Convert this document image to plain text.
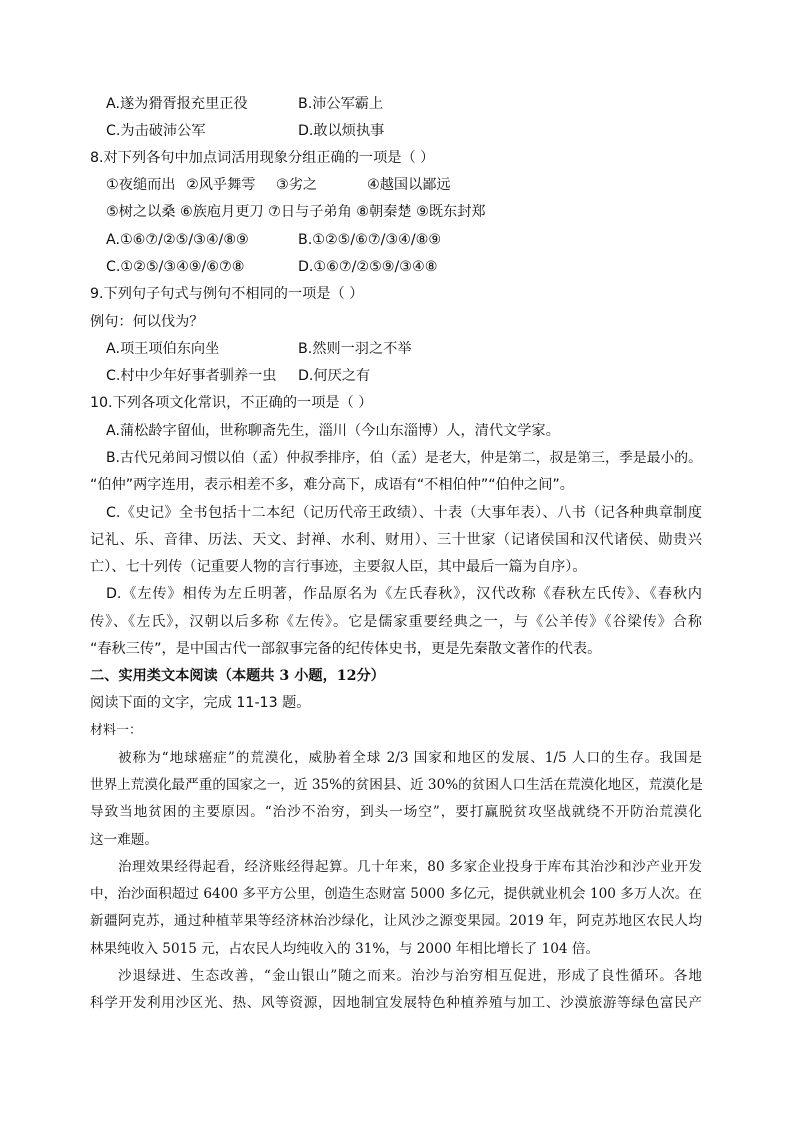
A.遂为猾胥报充里正役	B.沛公军霸上
C.为击破沛公军	D.敢以烦执事
8.对下列各句中加点词活用现象分组正确的一项是（ ）
①夜缒而出 ②风乎舞雩 ③劣之	④越国以鄙远
⑤树之以桑 ⑥族庖月更刀 ⑦日与子弟角 ⑧朝秦楚 ⑨既东封郑
A.①⑥⑦/②⑤/③④/⑧⑨	B.①②⑤/⑥⑦/③④/⑧⑨
C.①②⑤/③④⑨/⑥⑦⑧	D.①⑥⑦/②⑤⑨/③④⑧
9.下列句子句式与例句不相同的一项是（ ）
例句：何以伐为？
A.项王项伯东向坐	B.然则一羽之不举
C.村中少年好事者驯养一虫 D.何厌之有
10.下列各项文化常识，不正确的一项是（ ）
A.蒲松龄字留仙，世称聊斋先生，淄川（今山东淄博）人，清代文学家。
B.古代兄弟间习惯以伯（孟）仲叔季排序，伯（孟）是老大，仲是第二，叔是第三，季是最小的。
“伯仲”两字连用，表示相差不多，难分高下，成语有“不相伯仲”“伯仲之间”。
C.《史记》全书包括十二本纪（记历代帝王政绩）、十表（大事年表）、八书（记各种典章制度
记礼、乐、音律、历法、天文、封禅、水利、财用）、三十世家（记诸侯国和汉代诸侯、勋贵兴
亡）、七十列传（记重要人物的言行事迹，主要叙人臣，其中最后一篇为自序）。
D.《左传》相传为左丘明著，作品原名为《左氏春秋》，汉代改称《春秋左氏传》、《春秋内
传》、《左氏》，汉朝以后多称《左传》。它是儒家重要经典之一，与《公羊传》《谷梁传》合称
“春秋三传”，是中国古代一部叙事完备的纪传体史书，更是先秦散文著作的代表。
二、实用类文本阅读（本题共 3 小题，12分）
阅读下面的文字，完成 11-13 题。
材料一：
被称为“地球癌症”的荒漠化，威胁着全球 2/3 国家和地区的发展、1/5 人口的生存。我国是
世界上荒漠化最严重的国家之一，近 35%的贫困县、近 30%的贫困人口生活在荒漠化地区，荒漠化是
导致当地贫困的主要原因。“治沙不治穷，到头一场空”，要打赢脱贫攻坚战就绕不开防治荒漠化
这一难题。
治理效果经得起看，经济账经得起算。几十年来，80 多家企业投身于库布其治沙和沙产业开发
中，治沙面积超过 6400 多平方公里，创造生态财富 5000 多亿元，提供就业机会 100 多万人次。在
新疆阿克苏，通过种植苹果等经济林治沙绿化，让风沙之源变果园。2019 年，阿克苏地区农民人均
林果纯收入 5015 元，占农民人均纯收入的 31%，与 2000 年相比增长了 104 倍。
沙退绿进、生态改善，“金山银山”随之而来。治沙与治穷相互促进，形成了良性循环。各地
科学开发利用沙区光、热、风等资源，因地制宜发展特色种植养殖与加工、沙漠旅游等绿色富民产
